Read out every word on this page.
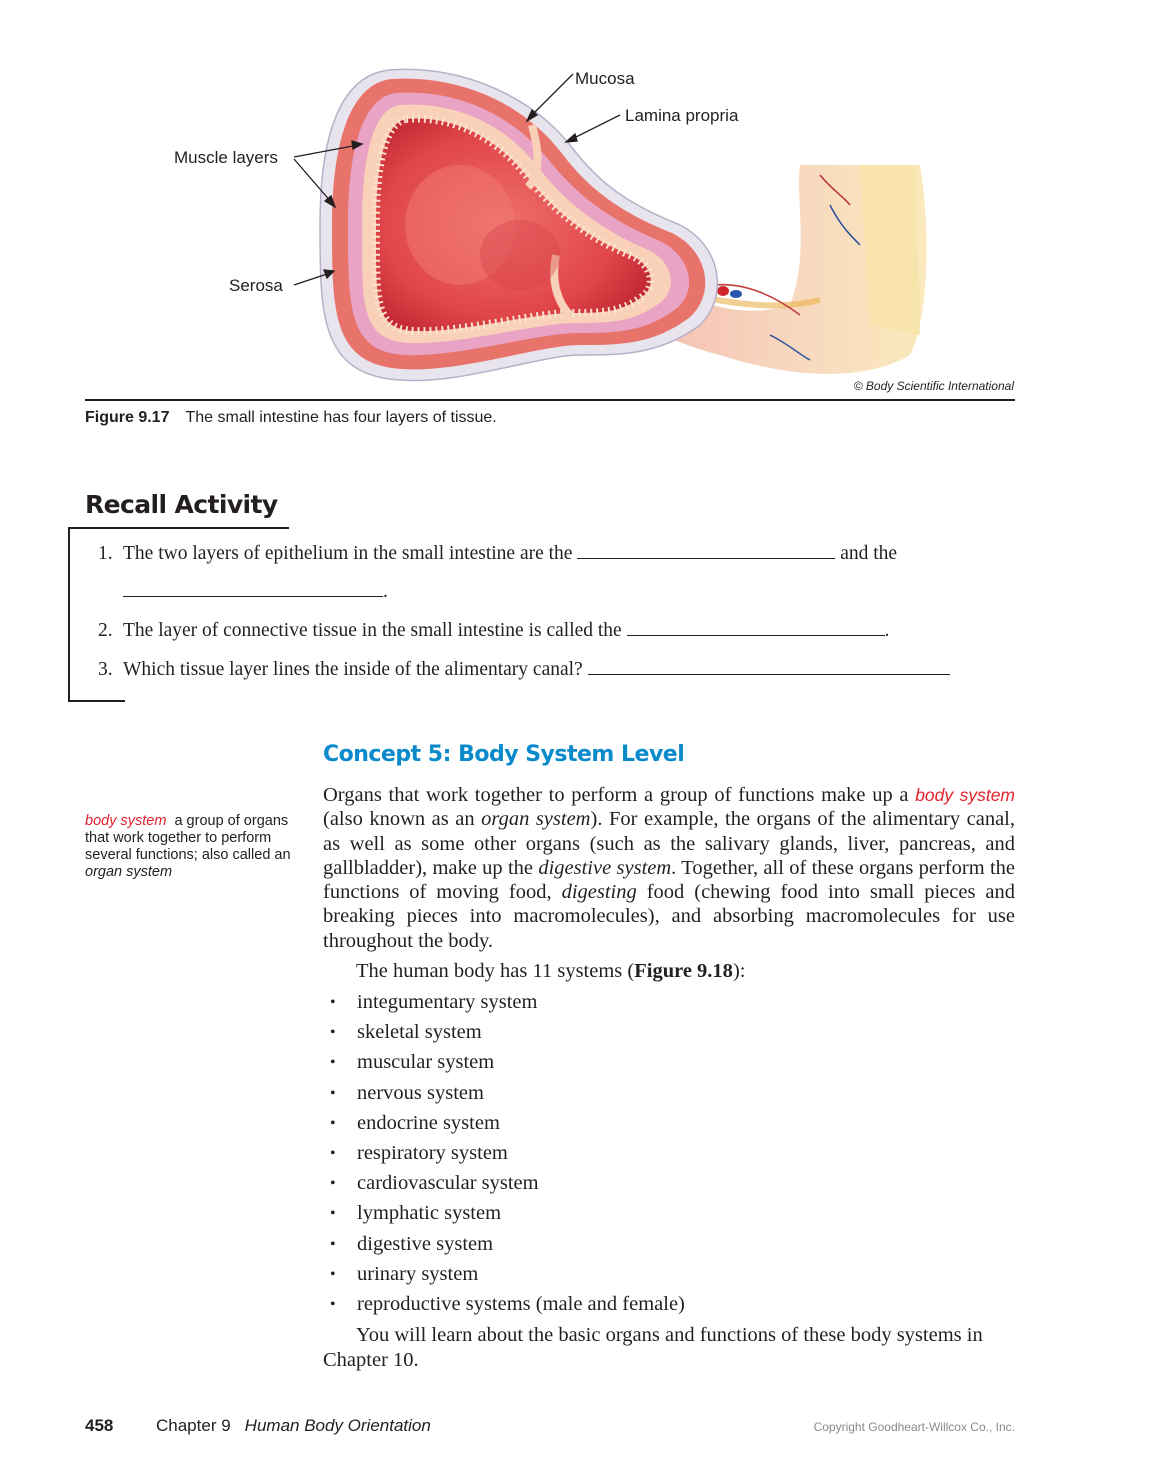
Mucosa
Lamina propria
Muscle layers
Serosa
© Body Scientific International
Figure 9.17 The small intestine has four layers of tissue.
Recall Activity
1. The two layers of epithelium in the small intestine are the	and the
.
2. The layer of connective tissue in the small intestine is called the	.
3. Which tissue layer lines the inside of the alimentary canal?
Concept 5: Body System Level
body system a group of organs that work together to perform several functions; also called an organ system
Organs that work together to perform a group of functions make up a body system (also known as an organ system). For example, the organs of the alimentary canal, as well as some other organs (such as the salivary glands, liver, pancreas, and gallbladder), make up the digestive system. Together, all of these organs perform the functions of moving food, digesting food (chewing food into small pieces and breaking pieces into macromolecules), and absorbing macromolecules for use throughout the body.
The human body has 11 systems (Figure 9.18):
• integumentary system
• skeletal system
• muscular system
• nervous system
• endocrine system
• respiratory system
• cardiovascular system
• lymphatic system
• digestive system
• urinary system
• reproductive systems (male and female)
You will learn about the basic organs and functions of these body systems in Chapter 10.
458	Chapter 9 Human Body Orientation	Copyright Goodheart-Willcox Co., Inc.
